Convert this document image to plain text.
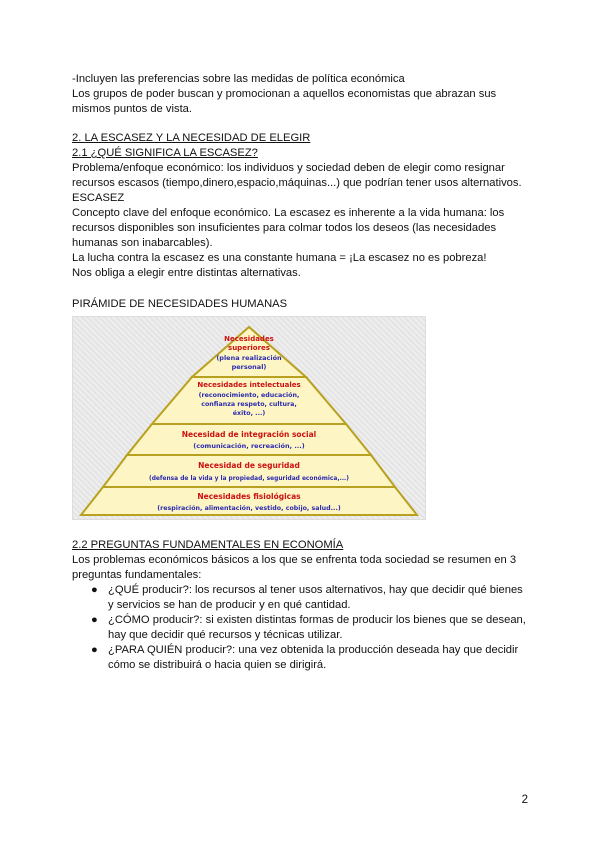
-Incluyen las preferencias sobre las medidas de política económica

Los grupos de poder buscan y promocionan a aquellos economistas que abrazan sus

mismos puntos de vista.

2. LA ESCASEZ Y LA NECESIDAD DE ELEGIR

2.1 ¿QUÉ SIGNIFICA LA ESCASEZ?

Problema/enfoque económico: los individuos y sociedad deben de elegir como resignar

recursos escasos (tiempo,dinero,espacio,máquinas...) que podrían tener usos alternativos.

ESCASEZ

Concepto clave del enfoque económico. La escasez es inherente a la vida humana: los

recursos disponibles son insuficientes para colmar todos los deseos (las necesidades

humanas son inabarcables).

La lucha contra la escasez es una constante humana = ¡La escasez no es pobreza!

Nos obliga a elegir entre distintas alternativas.

PIRÁMIDE DE NECESIDADES HUMANAS

Necesidades
superiores
(plena realización
personal)
Necesidades intelectuales
(reconocimiento, educación,
confianza respeto, cultura,
éxito, ...)
Necesidad de integración social
(comunicación, recreación, ...)
Necesidad de seguridad
(defensa de la vida y la propiedad, seguridad económica,...)
Necesidades fisiológicas
(respiración, alimentación, vestido, cobijo, salud...)

2.2 PREGUNTAS FUNDAMENTALES EN ECONOMÍA

Los problemas económicos básicos a los que se enfrenta toda sociedad se resumen en 3

preguntas fundamentales:

● ¿QUÉ producir?: los recursos al tener usos alternativos, hay que decidir qué bienes

y servicios se han de producir y en qué cantidad.

● ¿CÓMO producir?: si existen distintas formas de producir los bienes que se desean,

hay que decidir qué recursos y técnicas utilizar.

● ¿PARA QUIÉN producir?: una vez obtenida la producción deseada hay que decidir

cómo se distribuirá o hacia quien se dirigirá.

2
